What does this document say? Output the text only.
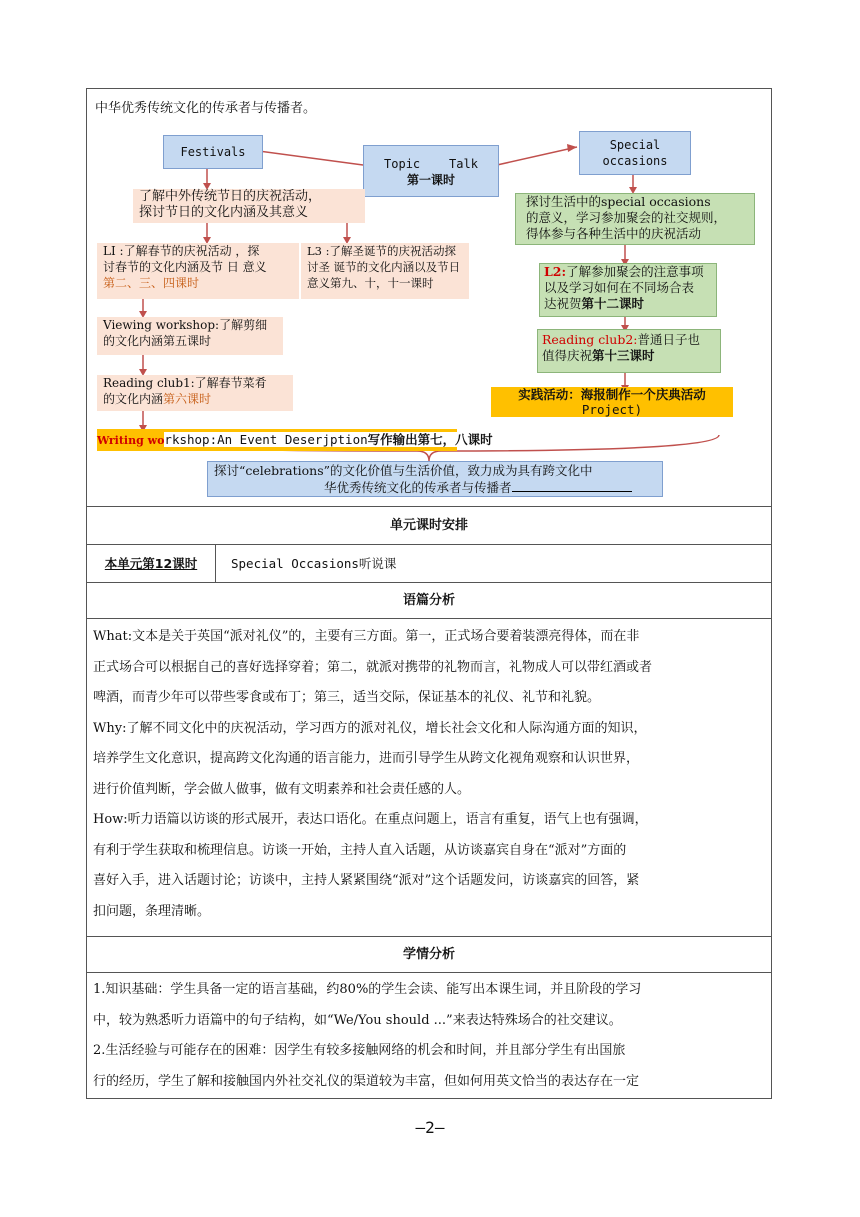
中华优秀传统文化的传承者与传播者。
Festivals
Topic    Talk
第一课时
Special
occasions
了解中外传统节日的庆祝活动，
探讨节日的文化内涵及其意义
LI :了解春节的庆祝活动 ，探
讨春节的文化内涵及节 日 意义
第二、三、四课时
L3 :了解圣诞节的庆祝活动探
讨圣 诞节的文化内涵以及节日
意义第九、十，十一课时
Viewing workshop:了解剪细
的文化内涵第五课时
Reading club1:了解春节菜肴
的文化内涵第六课时
探讨生活中的special occasions
的意义，学习参加聚会的社交规则，
得体参与各种生活中的庆祝活动
L2:了解参加聚会的注意事项
以及学习如何在不同场合表
达祝贺第十二课时
Reading club2:普通日子也
值得庆祝第十三课时
实践活动：海报制作一个庆典活动
Project)
Writing workshop:An Event Deserjption写作输出第七，八课时
探讨“celebrations”的文化价值与生活价值，致力成为具有跨文化中
华优秀传统文化的传承者与传播者
单元课时安排
本单元第12课时	Special Occasions听说课
语篇分析

What:文本是关于英国“派对礼仪”的，主要有三方面。第一，正式场合要着装漂亮得体，而在非

正式场合可以根据自己的喜好选择穿着；第二，就派对携带的礼物而言，礼物成人可以带红酒或者

啤酒，而青少年可以带些零食或布丁；第三，适当交际，保证基本的礼仪、礼节和礼貌。

Why:了解不同文化中的庆祝活动，学习西方的派对礼仪，增长社会文化和人际沟通方面的知识，

培养学生文化意识，提高跨文化沟通的语言能力，进而引导学生从跨文化视角观察和认识世界，

进行价值判断，学会做人做事，做有文明素养和社会责任感的人。

How:听力语篇以访谈的形式展开，表达口语化。在重点问题上，语言有重复，语气上也有强调，

有利于学生获取和梳理信息。访谈一开始，主持人直入话题，从访谈嘉宾自身在“派对”方面的

喜好入手，进入话题讨论；访谈中，主持人紧紧围绕“派对”这个话题发问，访谈嘉宾的回答，紧

扣问题，条理清晰。

学情分析

1.知识基础：学生具备一定的语言基础，约80%的学生会读、能写出本课生词，并且阶段的学习

中，较为熟悉听力语篇中的句子结构，如“We/You should ...”来表达特殊场合的社交建议。

2.生活经验与可能存在的困难：因学生有较多接触网络的机会和时间，并且部分学生有出国旅

行的经历，学生了解和接触国内外社交礼仪的渠道较为丰富，但如何用英文恰当的表达存在一定

—2—
